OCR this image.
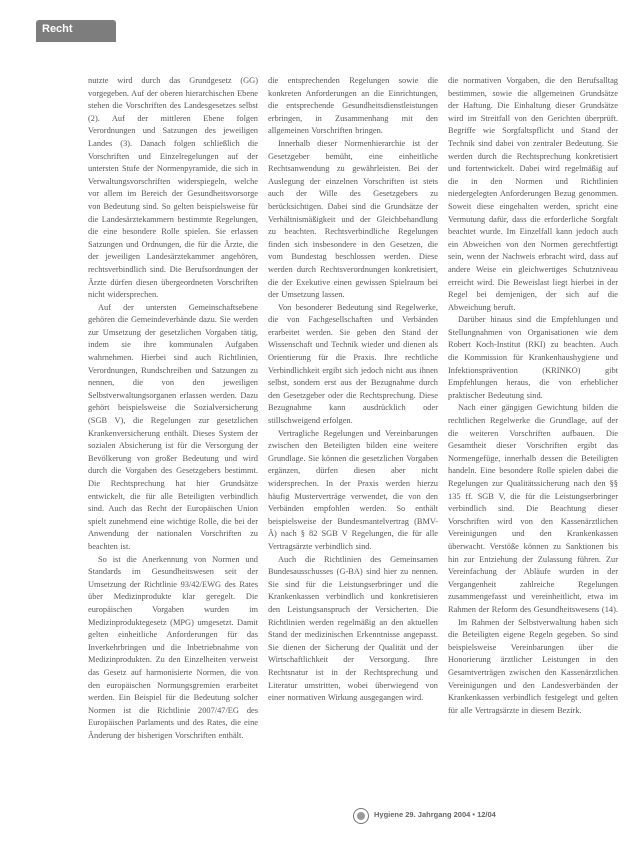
Recht

nutzte wird durch das Grundgesetz (GG) vorgegeben. Auf der oberen hierarchischen Ebene stehen die Vorschriften des Landesgesetzes selbst (2). Auf der mittleren Ebene folgen Verordnungen und Satzungen des jeweiligen Landes (3). Danach folgen schließlich die Vorschriften und Einzelregelungen auf der untersten Stufe der Normenpyramide, die sich in Verwaltungsvorschriften widerspiegeln, welche vor allem im Bereich der Gesundheitsvorsorge von Bedeutung sind. So gelten beispielsweise für die Landesärztekammern bestimmte Regelungen, die eine besondere Rolle spielen. Sie erlassen Satzungen und Ordnungen, die für die Ärzte, die der jeweiligen Landesärztekammer angehören, rechtsverbindlich sind. Die Berufsordnungen der Ärzte dürfen diesen übergeordneten Vorschriften nicht widersprechen.

Auf der untersten Gemeinschaftsebene gehören die Gemeindeverbände dazu. Sie werden zur Umsetzung der gesetzlichen Vorgaben tätig, indem sie ihre kommunalen Aufgaben wahrnehmen. Hierbei sind auch Richtlinien, Verordnungen, Rundschreiben und Satzungen zu nennen, die von den jeweiligen Selbstverwaltungsorganen erlassen werden. Dazu gehört beispielsweise die Sozialversicherung (SGB V), die Regelungen zur gesetzlichen Krankenversicherung enthält. Dieses System der sozialen Absicherung ist für die Versorgung der Bevölkerung von großer Bedeutung und wird durch die Vorgaben des Gesetzgebers bestimmt. Die Rechtsprechung hat hier Grundsätze entwickelt, die für alle Beteiligten verbindlich sind. Auch das Recht der Europäischen Union spielt zunehmend eine wichtige Rolle, die bei der Anwendung der nationalen Vorschriften zu beachten ist.

So ist die Anerkennung von Normen und Standards im Gesundheitswesen seit der Umsetzung der Richtlinie 93/42/EWG des Rates über Medizinprodukte klar geregelt. Die europäischen Vorgaben wurden im Medizinproduktegesetz (MPG) umgesetzt. Damit gelten einheitliche Anforderungen für das Inverkehrbringen und die Inbetriebnahme von Medizinprodukten. Zu den Einzelheiten verweist das Gesetz auf harmonisierte Normen, die von den europäischen Normungsgremien erarbeitet werden. Ein Beispiel für die Bedeutung solcher Normen ist die Richtlinie 2007/47/EG des Europäischen Parlaments und des Rates, die eine Änderung der bisherigen Vorschriften enthält.

die entsprechenden Regelungen sowie die konkreten Anforderungen an die Einrichtungen, die entsprechende Gesundheitsdienstleistungen erbringen, in Zusammenhang mit den allgemeinen Vorschriften bringen.

Innerhalb dieser Normenhierarchie ist der Gesetzgeber bemüht, eine einheitliche Rechtsanwendung zu gewährleisten. Bei der Auslegung der einzelnen Vorschriften ist stets auch der Wille des Gesetzgebers zu berücksichtigen. Dabei sind die Grundsätze der Verhältnismäßigkeit und der Gleichbehandlung zu beachten. Rechtsverbindliche Regelungen finden sich insbesondere in den Gesetzen, die vom Bundestag beschlossen werden. Diese werden durch Rechtsverordnungen konkretisiert, die der Exekutive einen gewissen Spielraum bei der Umsetzung lassen.

Von besonderer Bedeutung sind Regelwerke, die von Fachgesellschaften und Verbänden erarbeitet werden. Sie geben den Stand der Wissenschaft und Technik wieder und dienen als Orientierung für die Praxis. Ihre rechtliche Verbindlichkeit ergibt sich jedoch nicht aus ihnen selbst, sondern erst aus der Bezugnahme durch den Gesetzgeber oder die Rechtsprechung. Diese Bezugnahme kann ausdrücklich oder stillschweigend erfolgen.

Vertragliche Regelungen und Vereinbarungen zwischen den Beteiligten bilden eine weitere Grundlage. Sie können die gesetzlichen Vorgaben ergänzen, dürfen diesen aber nicht widersprechen. In der Praxis werden hierzu häufig Musterverträge verwendet, die von den Verbänden empfohlen werden. So enthält beispielsweise der Bundesmantelvertrag (BMV-Ä) nach § 82 SGB V Regelungen, die für alle Vertragsärzte verbindlich sind.

Auch die Richtlinien des Gemeinsamen Bundesausschusses (G-BA) sind hier zu nennen. Sie sind für die Leistungserbringer und die Krankenkassen verbindlich und konkretisieren den Leistungsanspruch der Versicherten. Die Richtlinien werden regelmäßig an den aktuellen Stand der medizinischen Erkenntnisse angepasst. Sie dienen der Sicherung der Qualität und der Wirtschaftlichkeit der Versorgung. Ihre Rechtsnatur ist in der Rechtsprechung und Literatur umstritten, wobei überwiegend von einer normativen Wirkung ausgegangen wird.

die normativen Vorgaben, die den Berufsalltag bestimmen, sowie die allgemeinen Grundsätze der Haftung. Die Einhaltung dieser Grundsätze wird im Streitfall von den Gerichten überprüft. Begriffe wie Sorgfaltspflicht und Stand der Technik sind dabei von zentraler Bedeutung. Sie werden durch die Rechtsprechung konkretisiert und fortentwickelt. Dabei wird regelmäßig auf die in den Normen und Richtlinien niedergelegten Anforderungen Bezug genommen. Soweit diese eingehalten werden, spricht eine Vermutung dafür, dass die erforderliche Sorgfalt beachtet wurde. Im Einzelfall kann jedoch auch ein Abweichen von den Normen gerechtfertigt sein, wenn der Nachweis erbracht wird, dass auf andere Weise ein gleichwertiges Schutzniveau erreicht wird. Die Beweislast liegt hierbei in der Regel bei demjenigen, der sich auf die Abweichung beruft.

Darüber hinaus sind die Empfehlungen und Stellungnahmen von Organisationen wie dem Robert Koch-Institut (RKI) zu beachten. Auch die Kommission für Krankenhaushygiene und Infektionsprävention (KRINKO) gibt Empfehlungen heraus, die von erheblicher praktischer Bedeutung sind.

Nach einer gängigen Gewichtung bilden die rechtlichen Regelwerke die Grundlage, auf der die weiteren Vorschriften aufbauen. Die Gesamtheit dieser Vorschriften ergibt das Normengefüge, innerhalb dessen die Beteiligten handeln. Eine besondere Rolle spielen dabei die Regelungen zur Qualitätssicherung nach den §§ 135 ff. SGB V, die für die Leistungserbringer verbindlich sind. Die Beachtung dieser Vorschriften wird von den Kassenärztlichen Vereinigungen und den Krankenkassen überwacht. Verstöße können zu Sanktionen bis hin zur Entziehung der Zulassung führen. Zur Vereinfachung der Abläufe wurden in der Vergangenheit zahlreiche Regelungen zusammengefasst und vereinheitlicht, etwa im Rahmen der Reform des Gesundheitswesens (14).

Im Rahmen der Selbstverwaltung haben sich die Beteiligten eigene Regeln gegeben. So sind beispielsweise Vereinbarungen über die Honorierung ärztlicher Leistungen in den Gesamtverträgen zwischen den Kassenärztlichen Vereinigungen und den Landesverbänden der Krankenkassen verbindlich festgelegt und gelten für alle Vertragsärzte in diesem Bezirk.

Hygiene 29. Jahrgang 2004 • 12/04
